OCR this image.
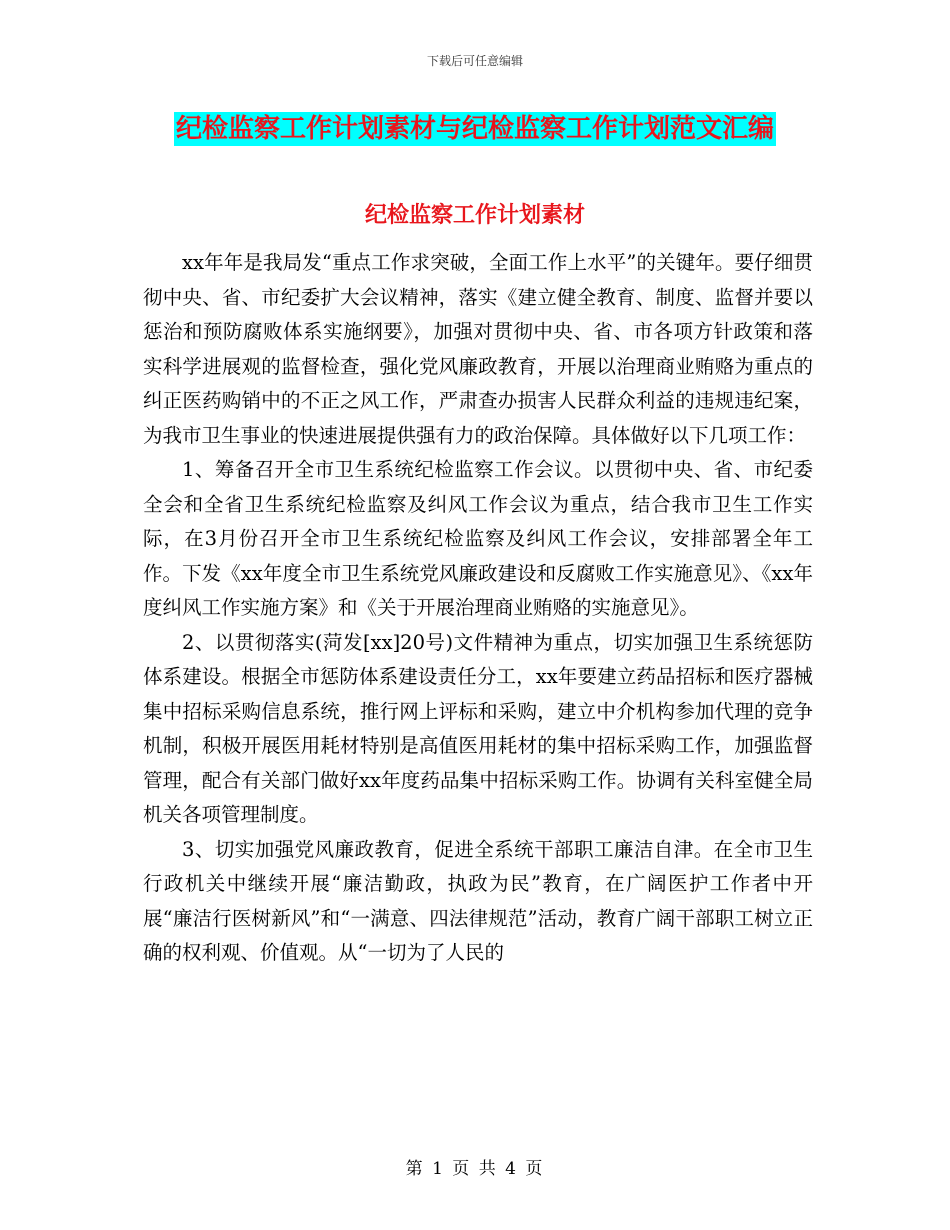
下载后可任意编辑
纪检监察工作计划素材与纪检监察工作计划范文汇编
纪检监察工作计划素材

xx年年是我局发“重点工作求突破，全面工作上水平”的关键年。要仔细贯彻中央、省、市纪委扩大会议精神，落实《建立健全教育、制度、监督并要以惩治和预防腐败体系实施纲要》，加强对贯彻中央、省、市各项方针政策和落实科学进展观的监督检查，强化党风廉政教育，开展以治理商业贿赂为重点的纠正医药购销中的不正之风工作，严肃查办损害人民群众利益的违规违纪案，为我市卫生事业的快速进展提供强有力的政治保障。具体做好以下几项工作：

1、筹备召开全市卫生系统纪检监察工作会议。以贯彻中央、省、市纪委全会和全省卫生系统纪检监察及纠风工作会议为重点，结合我市卫生工作实际，在3月份召开全市卫生系统纪检监察及纠风工作会议，安排部署全年工作。下发《xx年度全市卫生系统党风廉政建设和反腐败工作实施意见》、《xx年度纠风工作实施方案》和《关于开展治理商业贿赂的实施意见》。

2、以贯彻落实(菏发[xx]20号)文件精神为重点，切实加强卫生系统惩防体系建设。根据全市惩防体系建设责任分工，xx年要建立药品招标和医疗器械集中招标采购信息系统，推行网上评标和采购，建立中介机构参加代理的竞争机制，积极开展医用耗材特别是高值医用耗材的集中招标采购工作，加强监督管理，配合有关部门做好xx年度药品集中招标采购工作。协调有关科室健全局机关各项管理制度。

3、切实加强党风廉政教育，促进全系统干部职工廉洁自津。在全市卫生行政机关中继续开展“廉洁勤政，执政为民”教育，在广阔医护工作者中开展“廉洁行医树新风”和“一满意、四法律规范”活动，教育广阔干部职工树立正确的权利观、价值观。从“一切为了人民的

第 1 页 共 4 页
